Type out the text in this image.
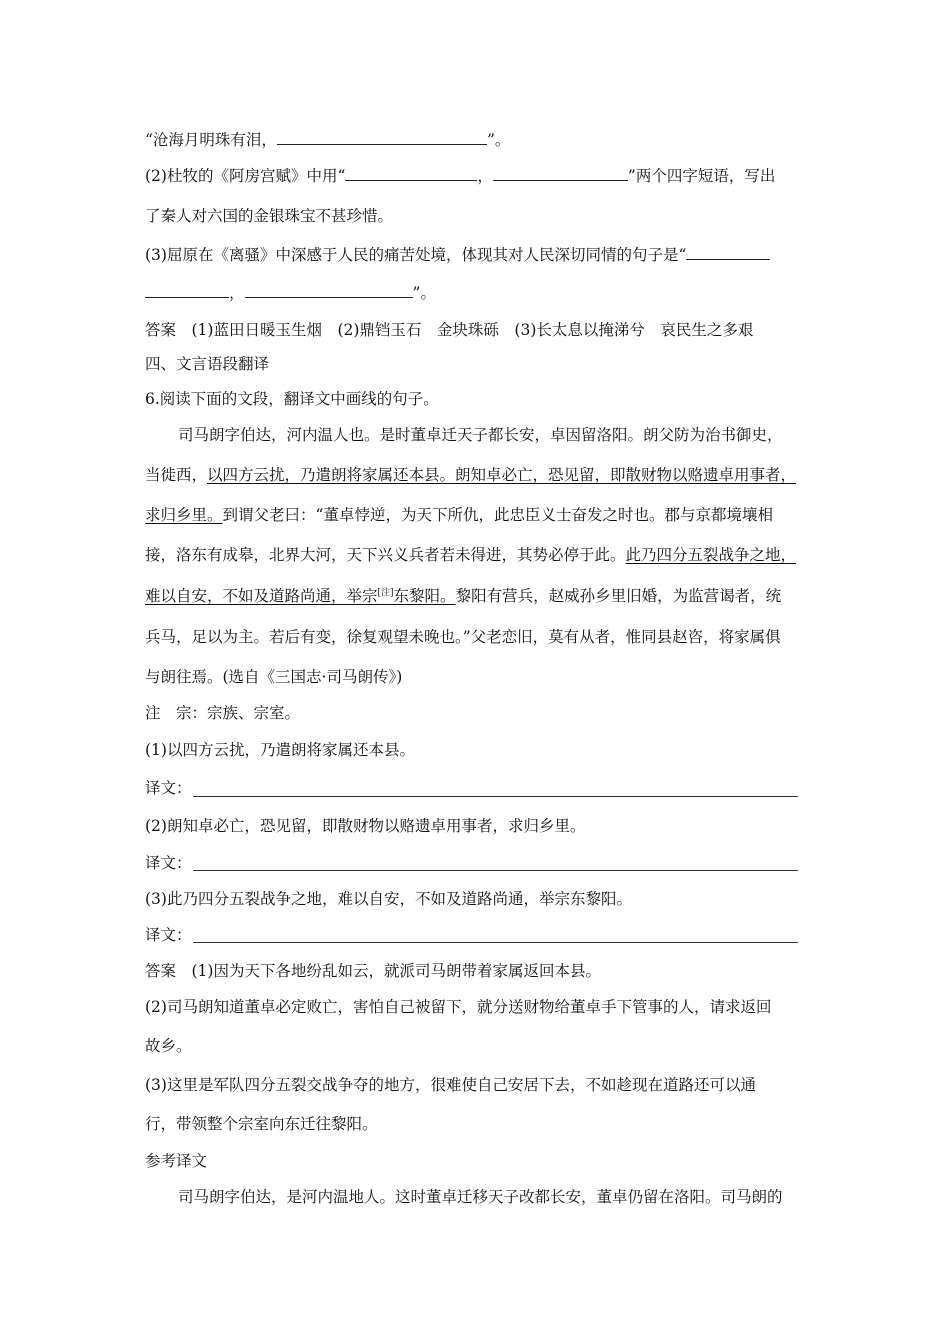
“沧海月明珠有泪，	”。
(2)杜牧的《阿房宫赋》中用“	，	”两个四字短语，写出
了秦人对六国的金银珠宝不甚珍惜。
(3)屈原在《离骚》中深感于人民的痛苦处境，体现其对人民深切同情的句子是“
，	”。
答案　(1)蓝田日暖玉生烟　(2)鼎铛玉石　金块珠砾　(3)长太息以掩涕兮　哀民生之多艰
四、文言语段翻译
6.阅读下面的文段，翻译文中画线的句子。
司马朗字伯达，河内温人也。是时董卓迁天子都长安，卓因留洛阳。朗父防为治书御史，
当徙西，以四方云扰，乃遣朗将家属还本县。朗知卓必亡，恐见留，即散财物以赂遗卓用事者，
求归乡里。到谓父老曰：“董卓悖逆，为天下所仇，此忠臣义士奋发之时也。郡与京都境壤相
接，洛东有成皋，北界大河，天下兴义兵者若未得进，其势必停于此。此乃四分五裂战争之地，
难以自安，不如及道路尚通，举宗[注]东黎阳。黎阳有营兵，赵威孙乡里旧婚，为监营谒者，统
兵马，足以为主。若后有变，徐复观望未晚也。”父老恋旧，莫有从者，惟同县赵咨，将家属俱
与朗往焉。(选自《三国志·司马朗传》)
注　宗：宗族、宗室。
(1)以四方云扰，乃遣朗将家属还本县。
译文：
(2)朗知卓必亡，恐见留，即散财物以赂遗卓用事者，求归乡里。
译文：
(3)此乃四分五裂战争之地，难以自安，不如及道路尚通，举宗东黎阳。
译文：
答案　(1)因为天下各地纷乱如云，就派司马朗带着家属返回本县。
(2)司马朗知道董卓必定败亡，害怕自己被留下，就分送财物给董卓手下管事的人，请求返回
故乡。
(3)这里是军队四分五裂交战争夺的地方，很难使自己安居下去，不如趁现在道路还可以通
行，带领整个宗室向东迁往黎阳。
参考译文
司马朗字伯达，是河内温地人。这时董卓迁移天子改都长安，董卓仍留在洛阳。司马朗的
